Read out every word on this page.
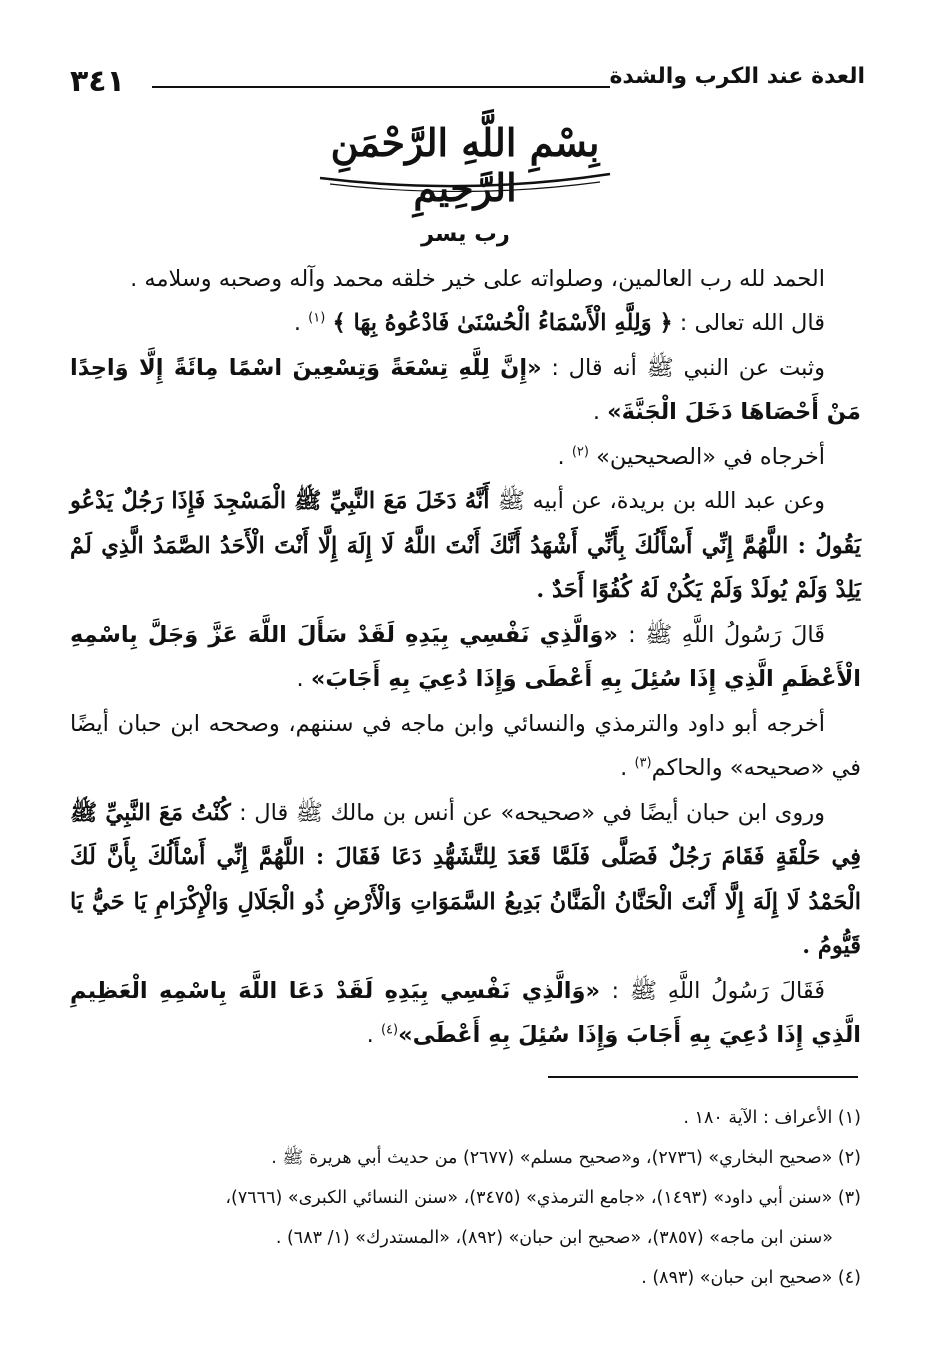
٣٤١	العدة عند الكرب والشدة
بِسْمِ اللَّهِ الرَّحْمَنِ الرَّحِيمِ

رب يسر

الحمد لله رب العالمين، وصلواته على خير خلقه محمد وآله وصحبه وسلامه .

قال الله تعالى : ﴿ وَلِلَّهِ الْأَسْمَاءُ الْحُسْنَىٰ فَادْعُوهُ بِهَا ﴾ $^{(١)}$ .

وثبت عن النبي ﷺ أنه قال : «إِنَّ لِلَّهِ تِسْعَةً وَتِسْعِينَ اسْمًا مِائَةً إِلَّا وَاحِدًا مَنْ أَحْصَاهَا دَخَلَ الْجَنَّةَ» .

أخرجاه في «الصحيحين» $^{(٢)}$ .

وعن عبد الله بن بريدة، عن أبيه ﷺ أَنَّهُ دَخَلَ مَعَ النَّبِيِّ ﷺ الْمَسْجِدَ فَإِذَا رَجُلٌ يَدْعُو يَقُولُ : اللَّهُمَّ إِنِّي أَسْأَلُكَ بِأَنِّي أَشْهَدُ أَنَّكَ أَنْتَ اللَّهُ لَا إِلَهَ إِلَّا أَنْتَ الْأَحَدُ الصَّمَدُ الَّذِي لَمْ يَلِدْ وَلَمْ يُولَدْ وَلَمْ يَكُنْ لَهُ كُفُوًا أَحَدٌ .

قَالَ رَسُولُ اللَّهِ ﷺ : «وَالَّذِي نَفْسِي بِيَدِهِ لَقَدْ سَأَلَ اللَّهَ عَزَّ وَجَلَّ بِاسْمِهِ الْأَعْظَمِ الَّذِي إِذَا سُئِلَ بِهِ أَعْطَى وَإِذَا دُعِيَ بِهِ أَجَابَ» .

أخرجه أبو داود والترمذي والنسائي وابن ماجه في سننهم، وصححه ابن حبان أيضًا في «صحيحه» والحاكم$^{(٣)}$ .

وروى ابن حبان أيضًا في «صحيحه» عن أنس بن مالك ﷺ قال : كُنْتُ مَعَ النَّبِيِّ ﷺ فِي حَلْقَةٍ فَقَامَ رَجُلٌ فَصَلَّى فَلَمَّا قَعَدَ لِلتَّشَهُّدِ دَعَا فَقَالَ : اللَّهُمَّ إِنِّي أَسْأَلُكَ بِأَنَّ لَكَ الْحَمْدُ لَا إِلَهَ إِلَّا أَنْتَ الْحَنَّانُ الْمَنَّانُ بَدِيعُ السَّمَوَاتِ وَالْأَرْضِ ذُو الْجَلَالِ وَالْإِكْرَامِ يَا حَيُّ يَا قَيُّومُ .

فَقَالَ رَسُولُ اللَّهِ ﷺ : «وَالَّذِي نَفْسِي بِيَدِهِ لَقَدْ دَعَا اللَّهَ بِاسْمِهِ الْعَظِيمِ الَّذِي إِذَا دُعِيَ بِهِ أَجَابَ وَإِذَا سُئِلَ بِهِ أَعْطَى»$^{(٤)}$ .

(١) الأعراف : الآية ١٨٠ .

(٢) «صحيح البخاري» (٢٧٣٦)، و«صحيح مسلم» (٢٦٧٧) من حديث أبي هريرة ﷺ .

(٣) «سنن أبي داود» (١٤٩٣)، «جامع الترمذي» (٣٤٧٥)، «سنن النسائي الكبرى» (٧٦٦٦)،

«سنن ابن ماجه» (٣٨٥٧)، «صحيح ابن حبان» (٨٩٢)، «المستدرك» (١/ ٦٨٣) .

(٤) «صحيح ابن حبان» (٨٩٣) .
